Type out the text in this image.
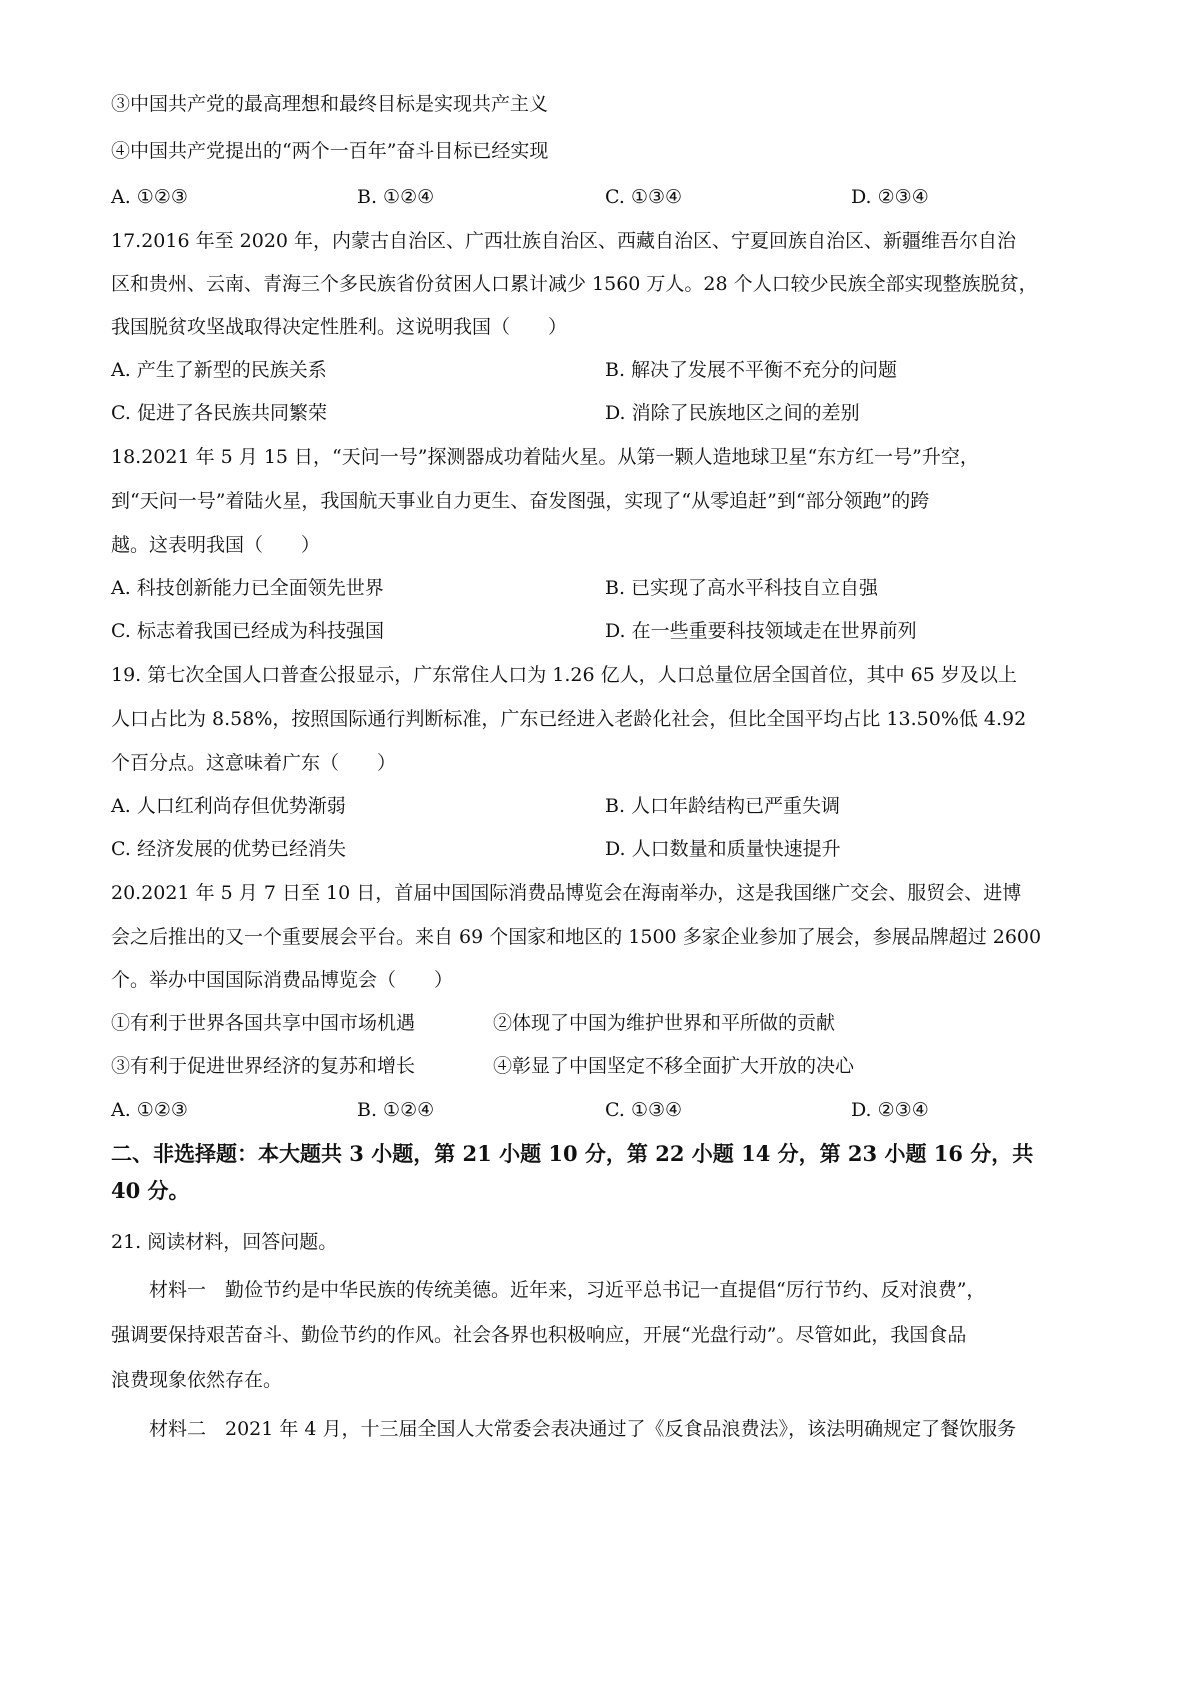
③中国共产党的最高理想和最终目标是实现共产主义
④中国共产党提出的“两个一百年”奋斗目标已经实现
A. ①②③	B. ①②④	C. ①③④	D. ②③④
17.2016 年至 2020 年，内蒙古自治区、广西壮族自治区、西藏自治区、宁夏回族自治区、新疆维吾尔自治
区和贵州、云南、青海三个多民族省份贫困人口累计减少 1560 万人。28 个人口较少民族全部实现整族脱贫，
我国脱贫攻坚战取得决定性胜利。这说明我国（　　）
A. 产生了新型的民族关系	B. 解决了发展不平衡不充分的问题
C. 促进了各民族共同繁荣	D. 消除了民族地区之间的差别
18.2021 年 5 月 15 日，“天问一号”探测器成功着陆火星。从第一颗人造地球卫星“东方红一号”升空，
到“天问一号”着陆火星，我国航天事业自力更生、奋发图强，实现了“从零追赶”到“部分领跑”的跨
越。这表明我国（　　）
A. 科技创新能力已全面领先世界	B. 已实现了高水平科技自立自强
C. 标志着我国已经成为科技强国	D. 在一些重要科技领域走在世界前列
19. 第七次全国人口普查公报显示，广东常住人口为 1.26 亿人，人口总量位居全国首位，其中 65 岁及以上
人口占比为 8.58%，按照国际通行判断标准，广东已经进入老龄化社会，但比全国平均占比 13.50%低 4.92
个百分点。这意味着广东（　　）
A. 人口红利尚存但优势渐弱	B. 人口年龄结构已严重失调
C. 经济发展的优势已经消失	D. 人口数量和质量快速提升
20.2021 年 5 月 7 日至 10 日，首届中国国际消费品博览会在海南举办，这是我国继广交会、服贸会、进博
会之后推出的又一个重要展会平台。来自 69 个国家和地区的 1500 多家企业参加了展会，参展品牌超过 2600
个。举办中国国际消费品博览会（　　）
①有利于世界各国共享中国市场机遇	②体现了中国为维护世界和平所做的贡献
③有利于促进世界经济的复苏和增长	④彰显了中国坚定不移全面扩大开放的决心
A. ①②③	B. ①②④	C. ①③④	D. ②③④
二、非选择题：本大题共 3 小题，第 21 小题 10 分，第 22 小题 14 分，第 23 小题 16 分，共
40 分。
21. 阅读材料，回答问题。
　　材料一　勤俭节约是中华民族的传统美德。近年来，习近平总书记一直提倡“厉行节约、反对浪费”，
强调要保持艰苦奋斗、勤俭节约的作风。社会各界也积极响应，开展“光盘行动”。尽管如此，我国食品
浪费现象依然存在。
　　材料二　2021 年 4 月，十三届全国人大常委会表决通过了《反食品浪费法》，该法明确规定了餐饮服务
